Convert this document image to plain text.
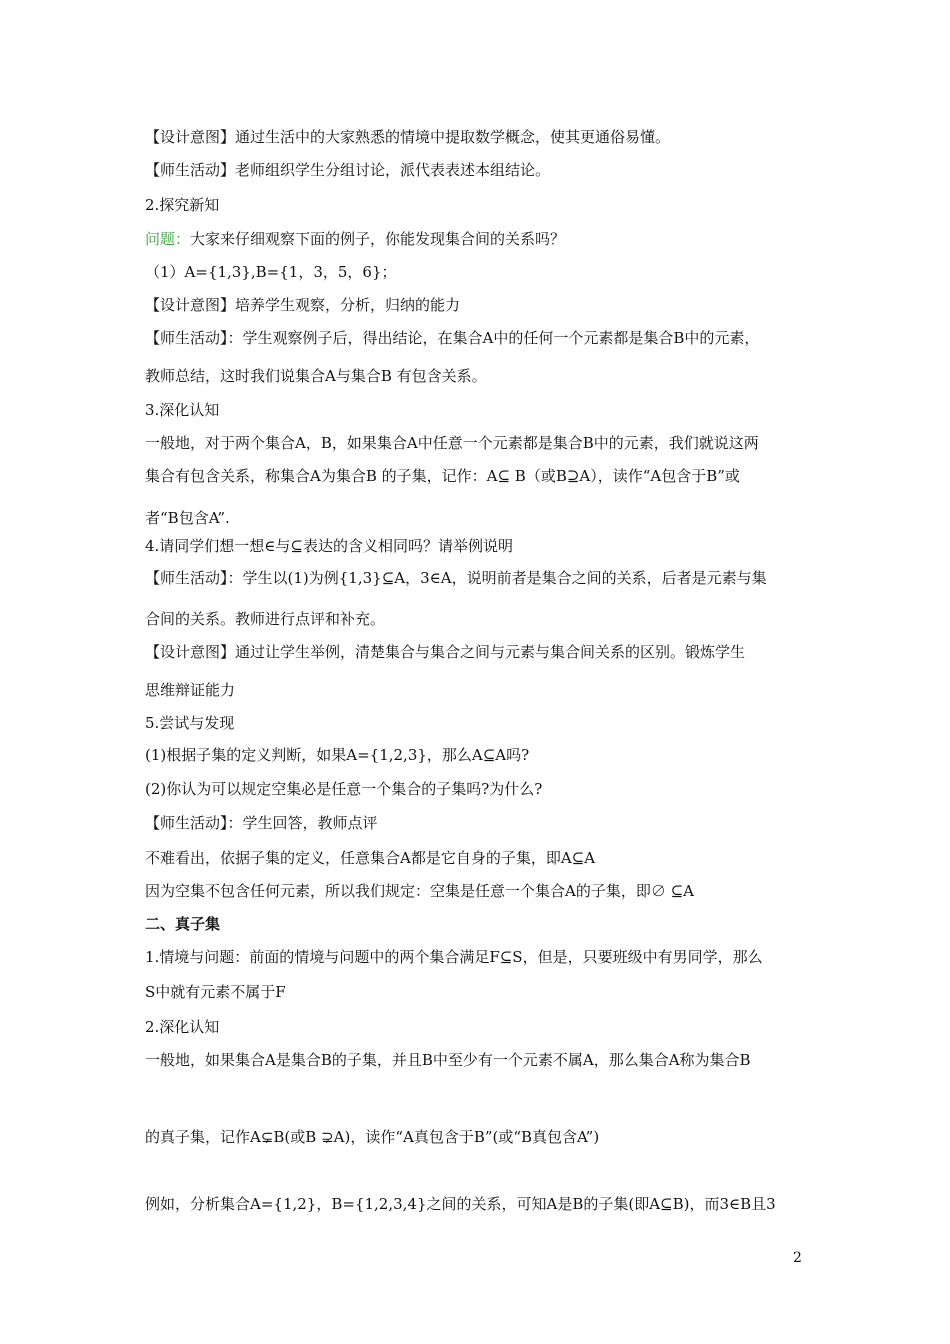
【设计意图】通过生活中的大家熟悉的情境中提取数学概念，使其更通俗易懂。
【师生活动】老师组织学生分组讨论，派代表表述本组结论。
2.探究新知
问题：大家来仔细观察下面的例子，你能发现集合间的关系吗？
（1）A={1,3},B={1，3，5，6}；
【设计意图】培养学生观察，分析，归纳的能力
【师生活动】：学生观察例子后，得出结论，在集合A中的任何一个元素都是集合B中的元素，
教师总结，这时我们说集合A与集合B 有包含关系。
3.深化认知
一般地，对于两个集合A，B，如果集合A中任意一个元素都是集合B中的元素，我们就说这两
集合有包含关系，称集合A为集合B 的子集，记作：A⊆ B（或B⊇A），读作“A包含于B”或
者“B包含A”.
4.请同学们想一想∈与⊆表达的含义相同吗？请举例说明
【师生活动】：学生以(1)为例{1,3}⊆A，3∈A，说明前者是集合之间的关系，后者是元素与集
合间的关系。教师进行点评和补充。
【设计意图】通过让学生举例，清楚集合与集合之间与元素与集合间关系的区别。锻炼学生
思维辩证能力
5.尝试与发现
(1)根据子集的定义判断，如果A={1,2,3}，那么A⊆A吗?
(2)你认为可以规定空集必是任意一个集合的子集吗?为什么?
【师生活动】：学生回答，教师点评
不难看出，依据子集的定义，任意集合A都是它自身的子集，即A⊆A
因为空集不包含任何元素，所以我们规定：空集是任意一个集合A的子集，即∅ ⊆A
二、真子集
1.情境与问题：前面的情境与问题中的两个集合满足F⊆S，但是，只要班级中有男同学，那么
S中就有元素不属于F
2.深化认知
一般地，如果集合A是集合B的子集，并且B中至少有一个元素不属A，那么集合A称为集合B
的真子集，记作A⊊B(或B ⊋A)，读作“A真包含于B”(或“B真包含A”)
例如，分析集合A={1,2}，B={1,2,3,4}之间的关系，可知A是B的子集(即A⊆B)，而3∈B且3
2
